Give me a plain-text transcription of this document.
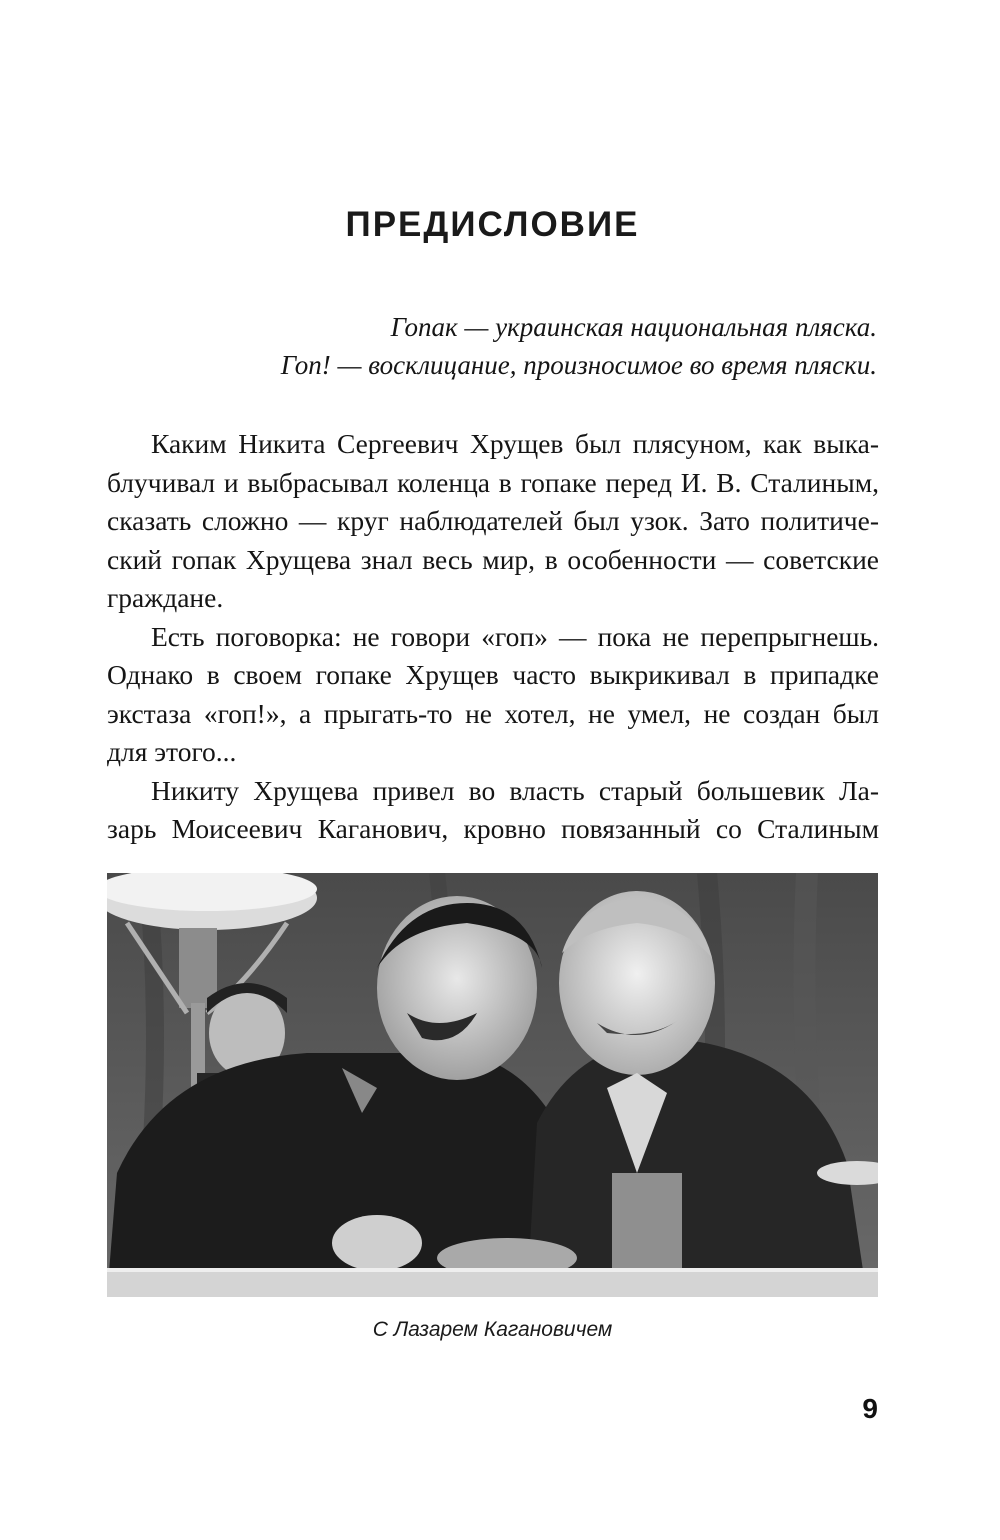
ПРЕДИСЛОВИЕ
Гопак — украинская национальная пляска.
Гоп! — восклицание, произносимое во время пляски.
Каким Никита Сергеевич Хрущев был плясуном, как выка-
блучивал и выбрасывал коленца в гопаке перед И. В. Сталиным,
сказать сложно — круг наблюдателей был узок. Зато политиче-
ский гопак Хрущева знал весь мир, в особенности — советские
граждане.
Есть поговорка: не говори «гоп» — пока не перепрыгнешь.
Однако в своем гопаке Хрущев часто выкрикивал в припадке
экстаза «гоп!», а прыгать-то не хотел, не умел, не создан был
для этого...
Никиту Хрущева привел во власть старый большевик Ла-
зарь Моисеевич Каганович, кровно повязанный со Сталиным
С Лазарем Кагановичем
9
